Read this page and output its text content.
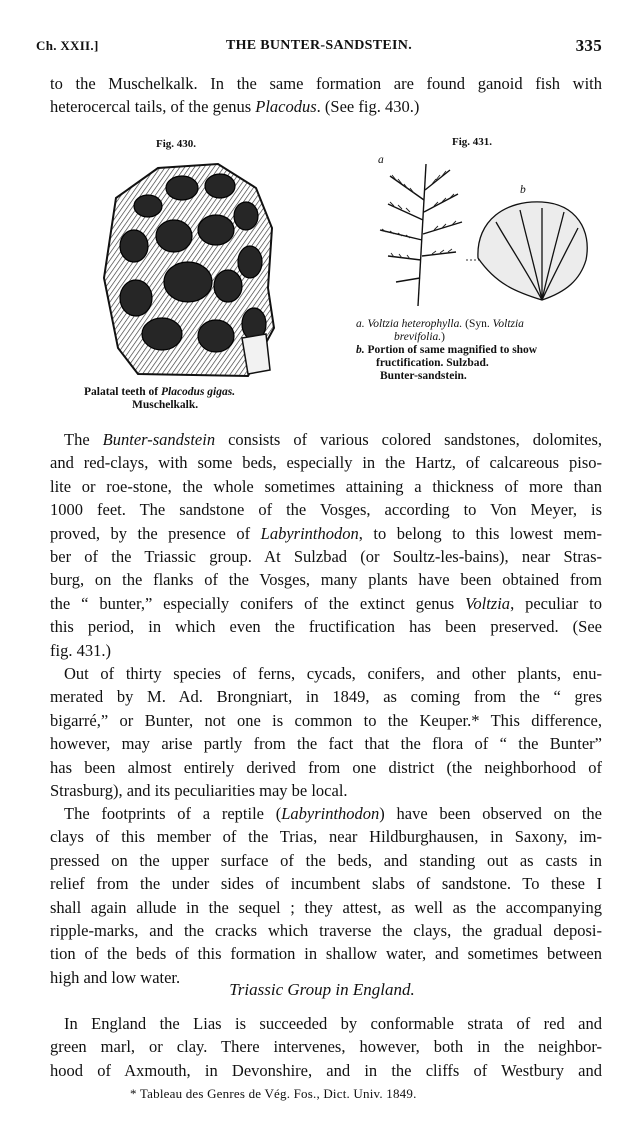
Ch. XXII.]	THE BUNTER-SANDSTEIN.	335
to the Muschelkalk. In the same formation are found ganoid fish with
heterocercal tails, of the genus Placodus. (See fig. 430.)
Fig. 430.
Palatal teeth of Placodus gigas.
Muschelkalk.
Fig. 431.
a
b
a. Voltzia heterophylla. (Syn. Voltzia
brevifolia.)
b. Portion of same magnified to show
fructification. Sulzbad.
Bunter-sandstein.
The Bunter-sandstein consists of various colored sandstones, dolomites,
and red-clays, with some beds, especially in the Hartz, of calcareous piso-
lite or roe-stone, the whole sometimes attaining a thickness of more than
1000 feet. The sandstone of the Vosges, according to Von Meyer, is
proved, by the presence of Labyrinthodon, to belong to this lowest mem-
ber of the Triassic group. At Sulzbad (or Soultz-les-bains), near Stras-
burg, on the flanks of the Vosges, many plants have been obtained from
the “ bunter,” especially conifers of the extinct genus Voltzia, peculiar to
this period, in which even the fructification has been preserved. (See
fig. 431.)
Out of thirty species of ferns, cycads, conifers, and other plants, enu-
merated by M. Ad. Brongniart, in 1849, as coming from the “ gres
bigarré,” or Bunter, not one is common to the Keuper.* This difference,
however, may arise partly from the fact that the flora of “ the Bunter”
has been almost entirely derived from one district (the neighborhood of
Strasburg), and its peculiarities may be local.
The footprints of a reptile (Labyrinthodon) have been observed on the
clays of this member of the Trias, near Hildburghausen, in Saxony, im-
pressed on the upper surface of the beds, and standing out as casts in
relief from the under sides of incumbent slabs of sandstone. To these I
shall again allude in the sequel ; they attest, as well as the accompanying
ripple-marks, and the cracks which traverse the clays, the gradual deposi-
tion of the beds of this formation in shallow water, and sometimes between
high and low water.
Triassic Group in England.
In England the Lias is succeeded by conformable strata of red and
green marl, or clay. There intervenes, however, both in the neighbor-
hood of Axmouth, in Devonshire, and in the cliffs of Westbury and
* Tableau des Genres de Vég. Fos., Dict. Univ. 1849.
